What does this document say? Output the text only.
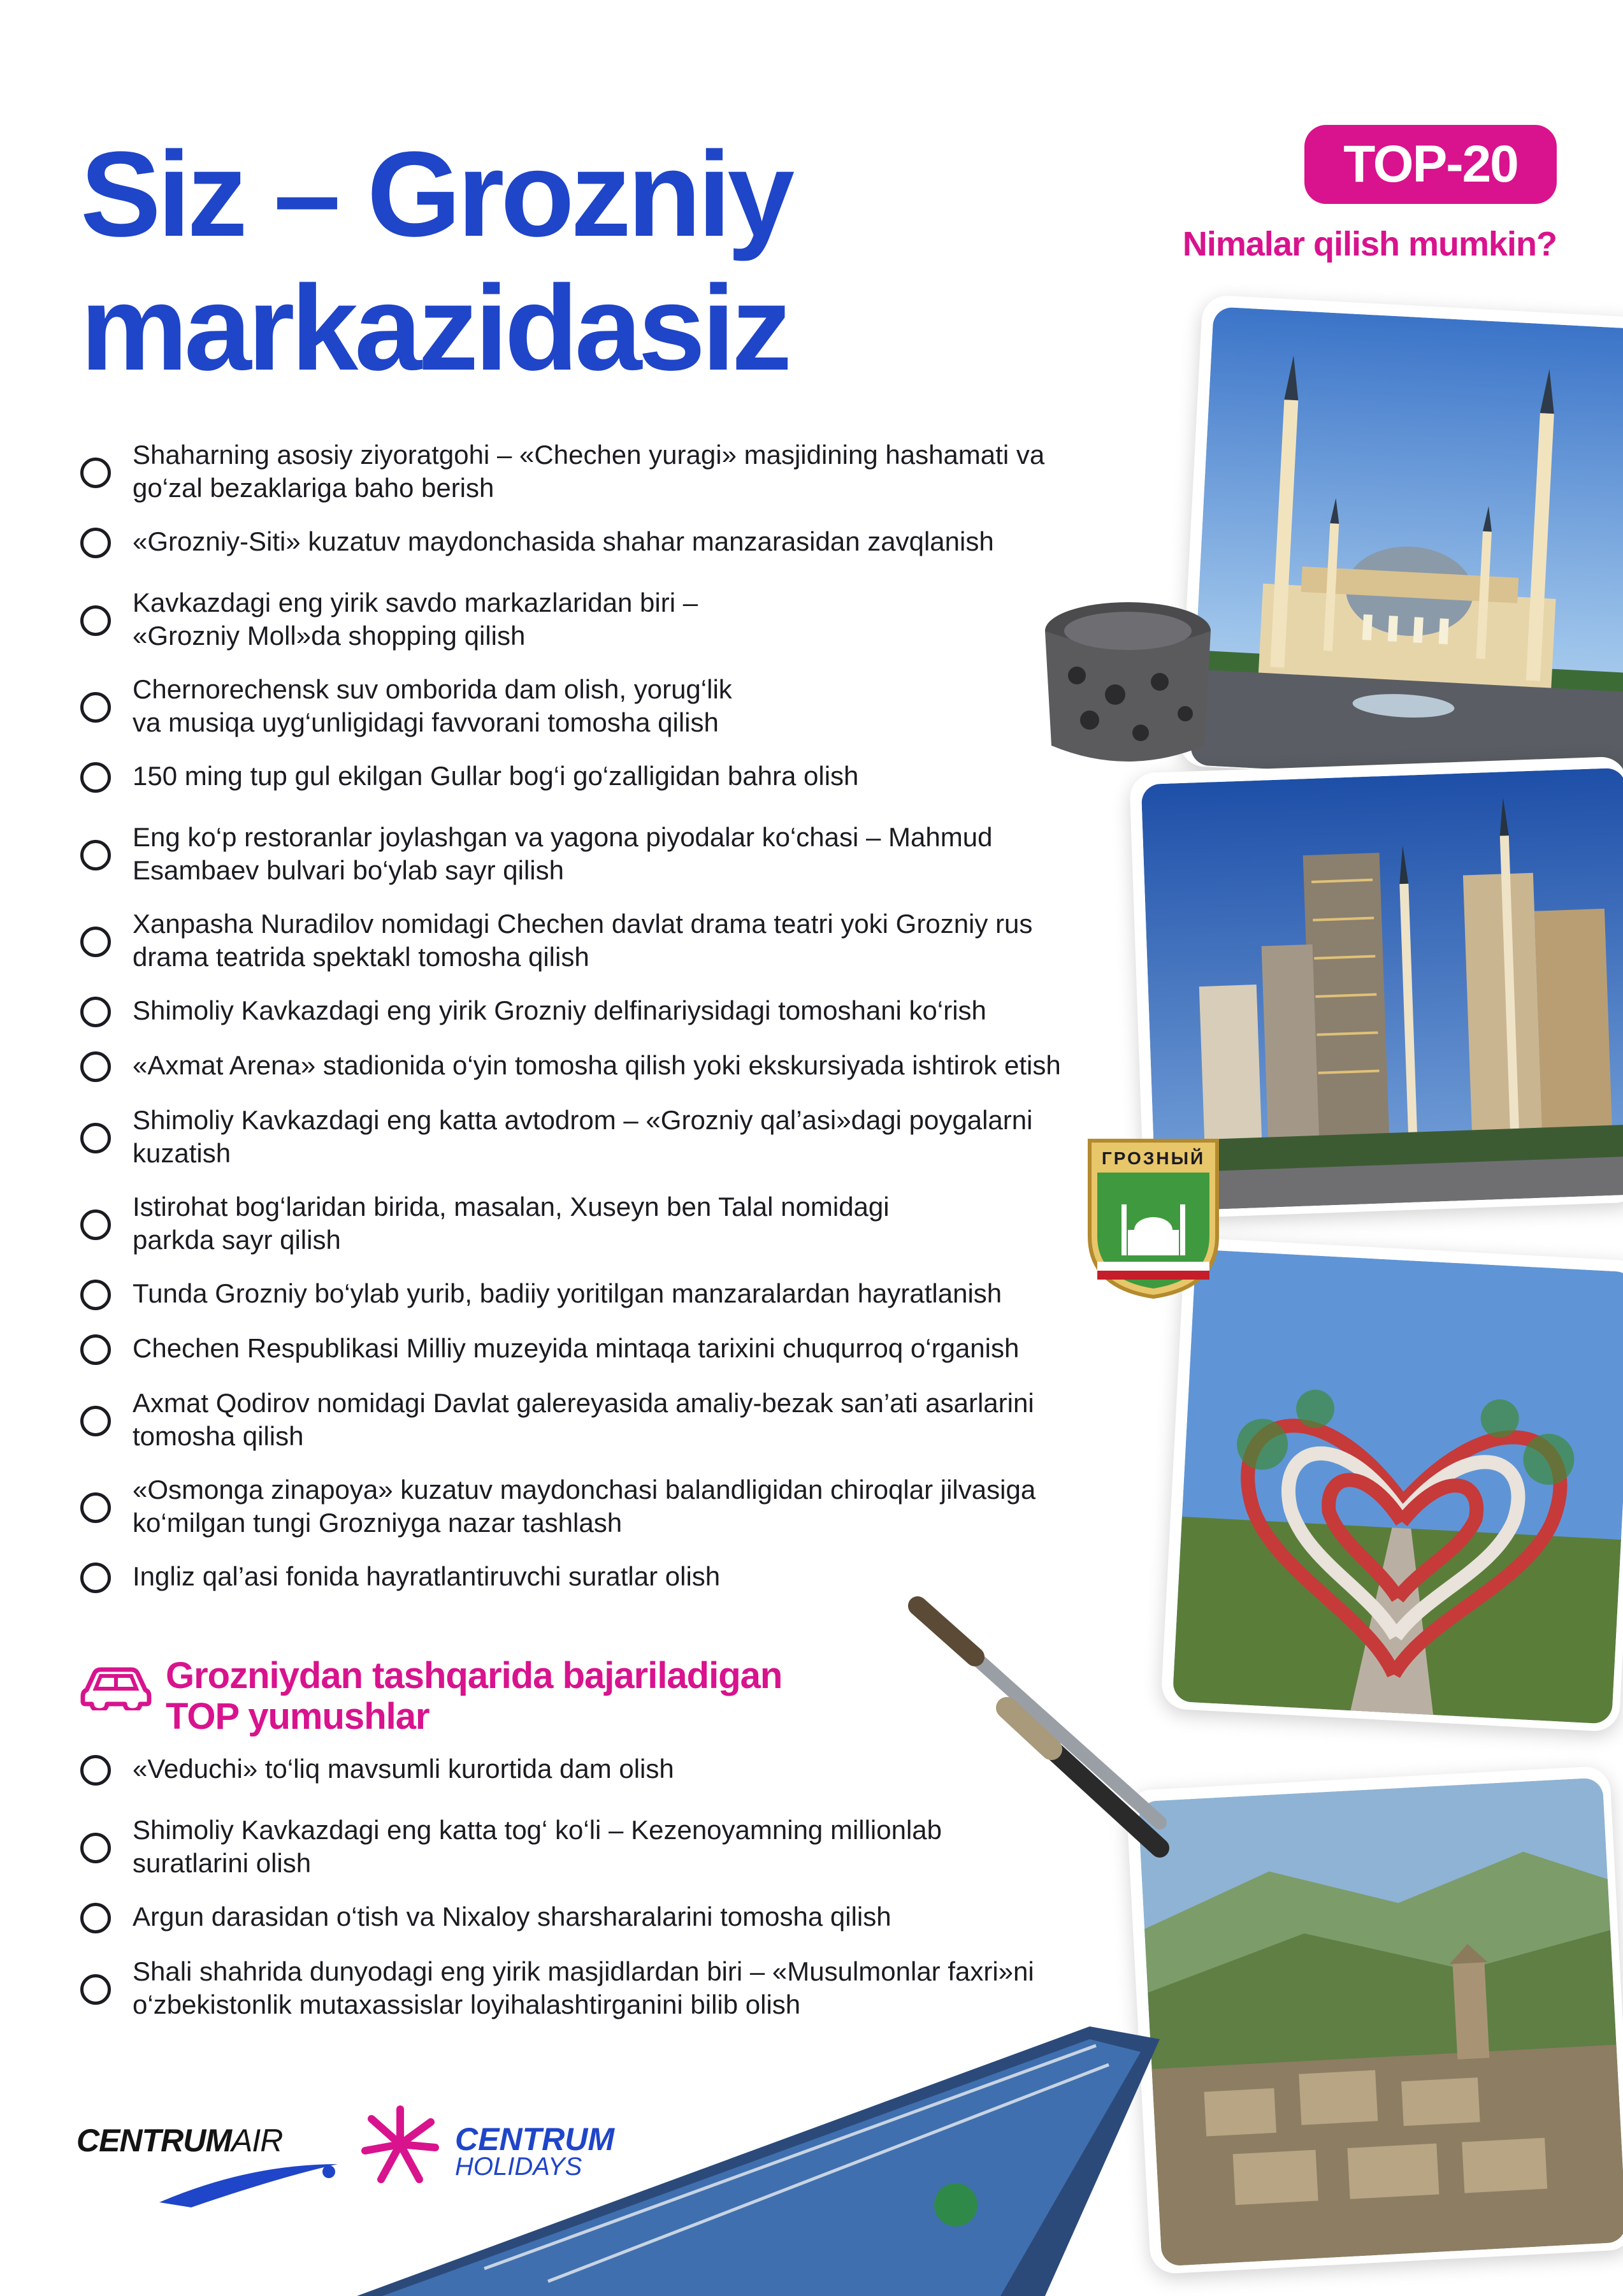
Siz – Grozniy
markazidasiz
TOP-20
Nimalar qilish mumkin?
Shaharning asosiy ziyoratgohi – «Chechen yuragi» masjidining hashamati va
go‘zal bezaklariga baho berish
«Grozniy-Siti» kuzatuv maydonchasida shahar manzarasidan zavqlanish
Kavkazdagi eng yirik savdo markazlaridan biri –
«Grozniy Moll»da shopping qilish
Chernorechensk suv omborida dam olish, yorug‘lik
va musiqa uyg‘unligidagi favvorani tomosha qilish
150 ming tup gul ekilgan Gullar bog‘i go‘zalligidan bahra olish
Eng ko‘p restoranlar joylashgan va yagona piyodalar ko‘chasi – Mahmud
Esambaev bulvari bo‘ylab sayr qilish
Xanpasha Nuradilov nomidagi Chechen davlat drama teatri yoki Grozniy rus
drama teatrida spektakl tomosha qilish
Shimoliy Kavkazdagi eng yirik Grozniy delfinariysidagi tomoshani ko‘rish
«Axmat Arena» stadionida o‘yin tomosha qilish yoki ekskursiyada ishtirok etish
Shimoliy Kavkazdagi eng katta avtodrom – «Grozniy qal’asi»dagi poygalarni
kuzatish
Istirohat bog‘laridan birida, masalan, Xuseyn ben Talal nomidagi
parkda sayr qilish
Tunda Grozniy bo‘ylab yurib, badiiy yoritilgan manzaralardan hayratlanish
Chechen Respublikasi Milliy muzeyida mintaqa tarixini chuqurroq o‘rganish
Axmat Qodirov nomidagi Davlat galereyasida amaliy-bezak san’ati asarlarini
tomosha qilish
«Osmonga zinapoya» kuzatuv maydonchasi balandligidan chiroqlar jilvasiga
ko‘milgan tungi Grozniyga nazar tashlash
Ingliz qal’asi fonida hayratlantiruvchi suratlar olish
Grozniydan tashqarida bajariladigan
TOP yumushlar
«Veduchi» to‘liq mavsumli kurortida dam olish
Shimoliy Kavkazdagi eng katta tog‘ ko‘li – Kezenoyamning millionlab
suratlarini olish
Argun darasidan o‘tish va Nixaloy sharsharalarini tomosha qilish
Shali shahrida dunyodagi eng yirik masjidlardan biri – «Musulmonlar faxri»ni
o‘zbekistonlik mutaxassislar loyihalashtirganini bilib olish
ГРОЗНЫЙ
CENTRUMAIR	CENTRUM
HOLIDAYS
